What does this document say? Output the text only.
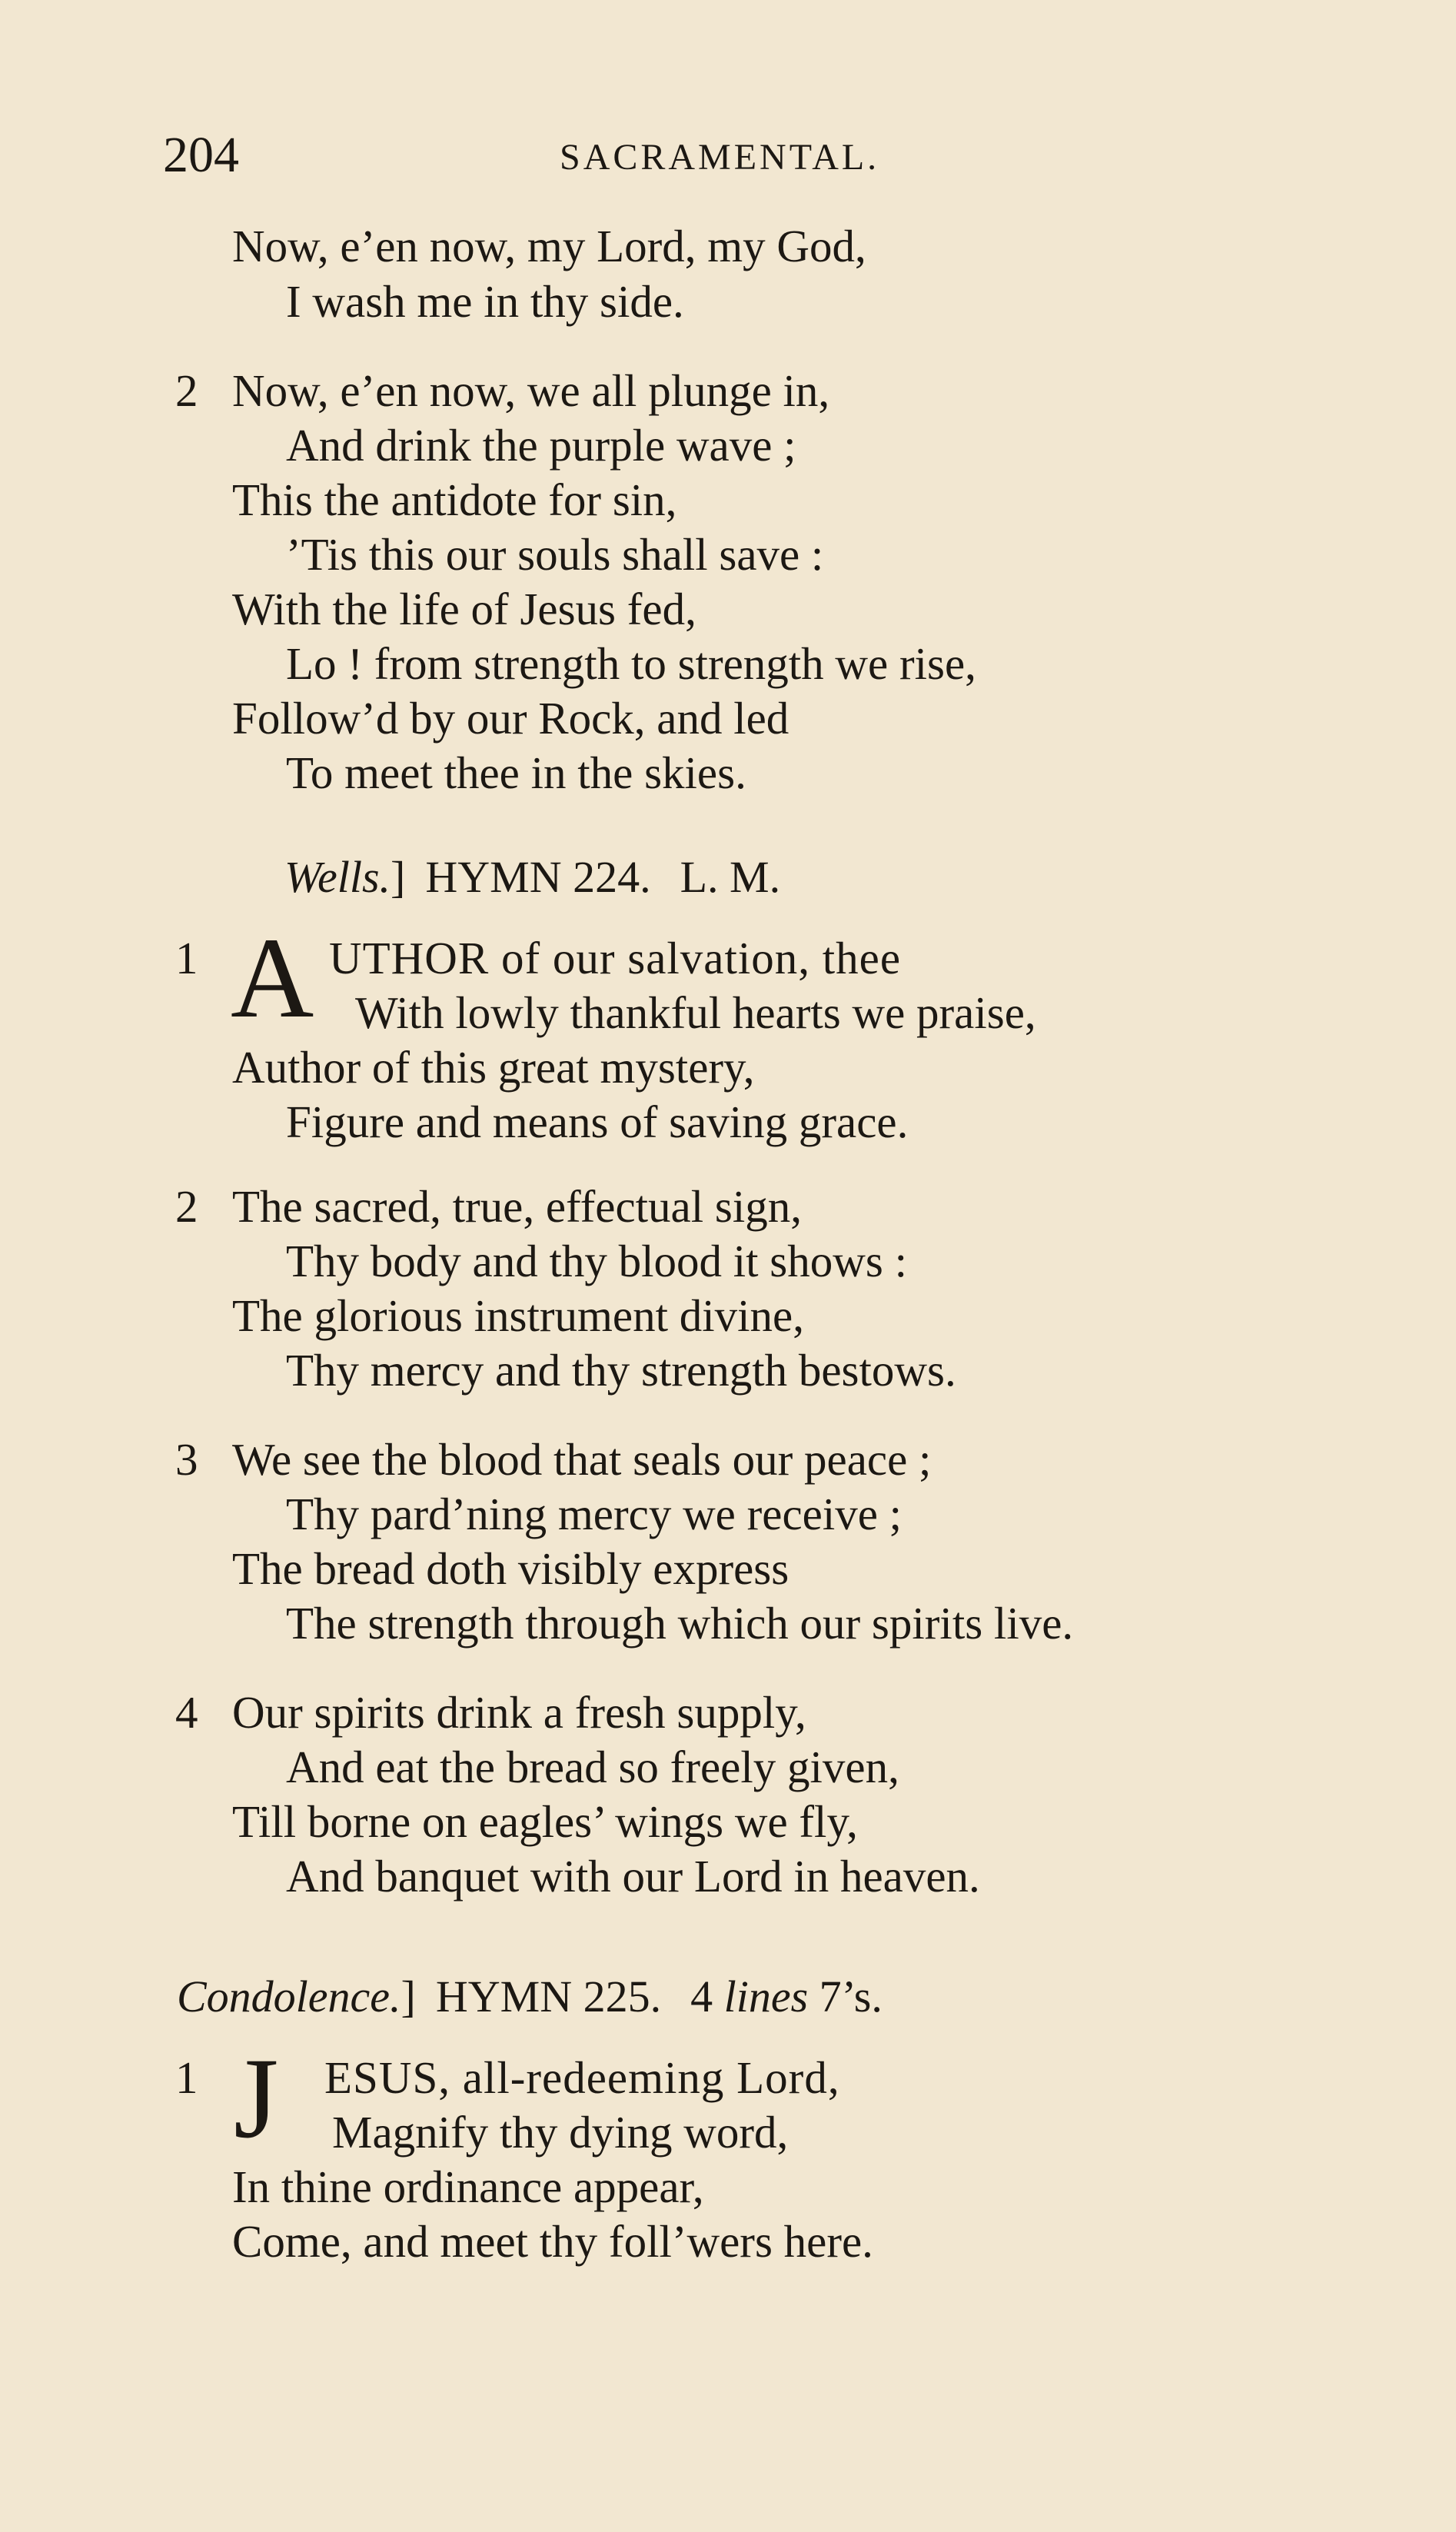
204	SACRAMENTAL.
Now, e’en now, my Lord, my God,
I wash me in thy side.
2 Now, e’en now, we all plunge in,
And drink the purple wave ;
This the antidote for sin,
’Tis this our souls shall save :
With the life of Jesus fed,
Lo ! from strength to strength we rise,
Follow’d by our Rock, and led
To meet thee in the skies.
Wells.] HYMN 224. L. M.
1 A UTHOR of our salvation, thee
With lowly thankful hearts we praise,
Author of this great mystery,
Figure and means of saving grace.
2 The sacred, true, effectual sign,
Thy body and thy blood it shows :
The glorious instrument divine,
Thy mercy and thy strength bestows.
3 We see the blood that seals our peace ;
Thy pard’ning mercy we receive ;
The bread doth visibly express
The strength through which our spirits live.
4 Our spirits drink a fresh supply,
And eat the bread so freely given,
Till borne on eagles’ wings we fly,
And banquet with our Lord in heaven.
Condolence.] HYMN 225. 4 lines 7’s.
1 J ESUS, all-redeeming Lord,
Magnify thy dying word,
In thine ordinance appear,
Come, and meet thy foll’wers here.
